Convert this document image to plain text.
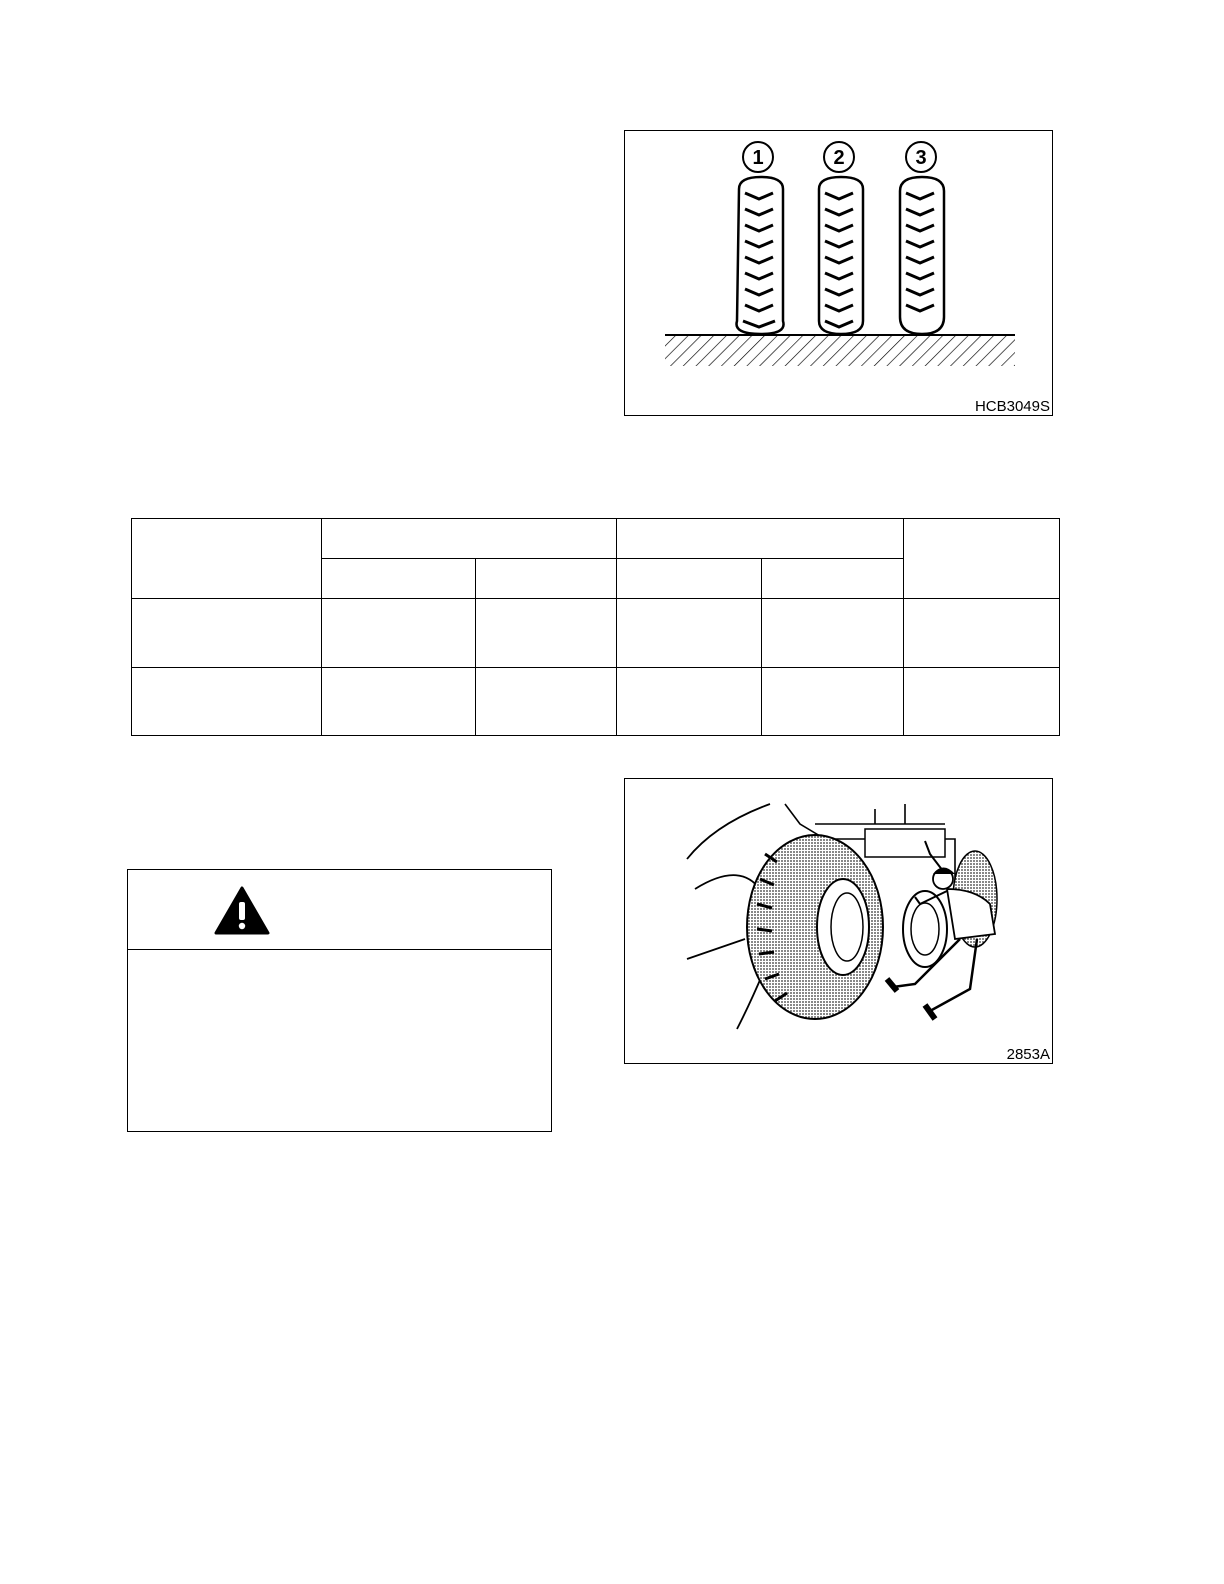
1	2	3
HCB3049S

2853A
